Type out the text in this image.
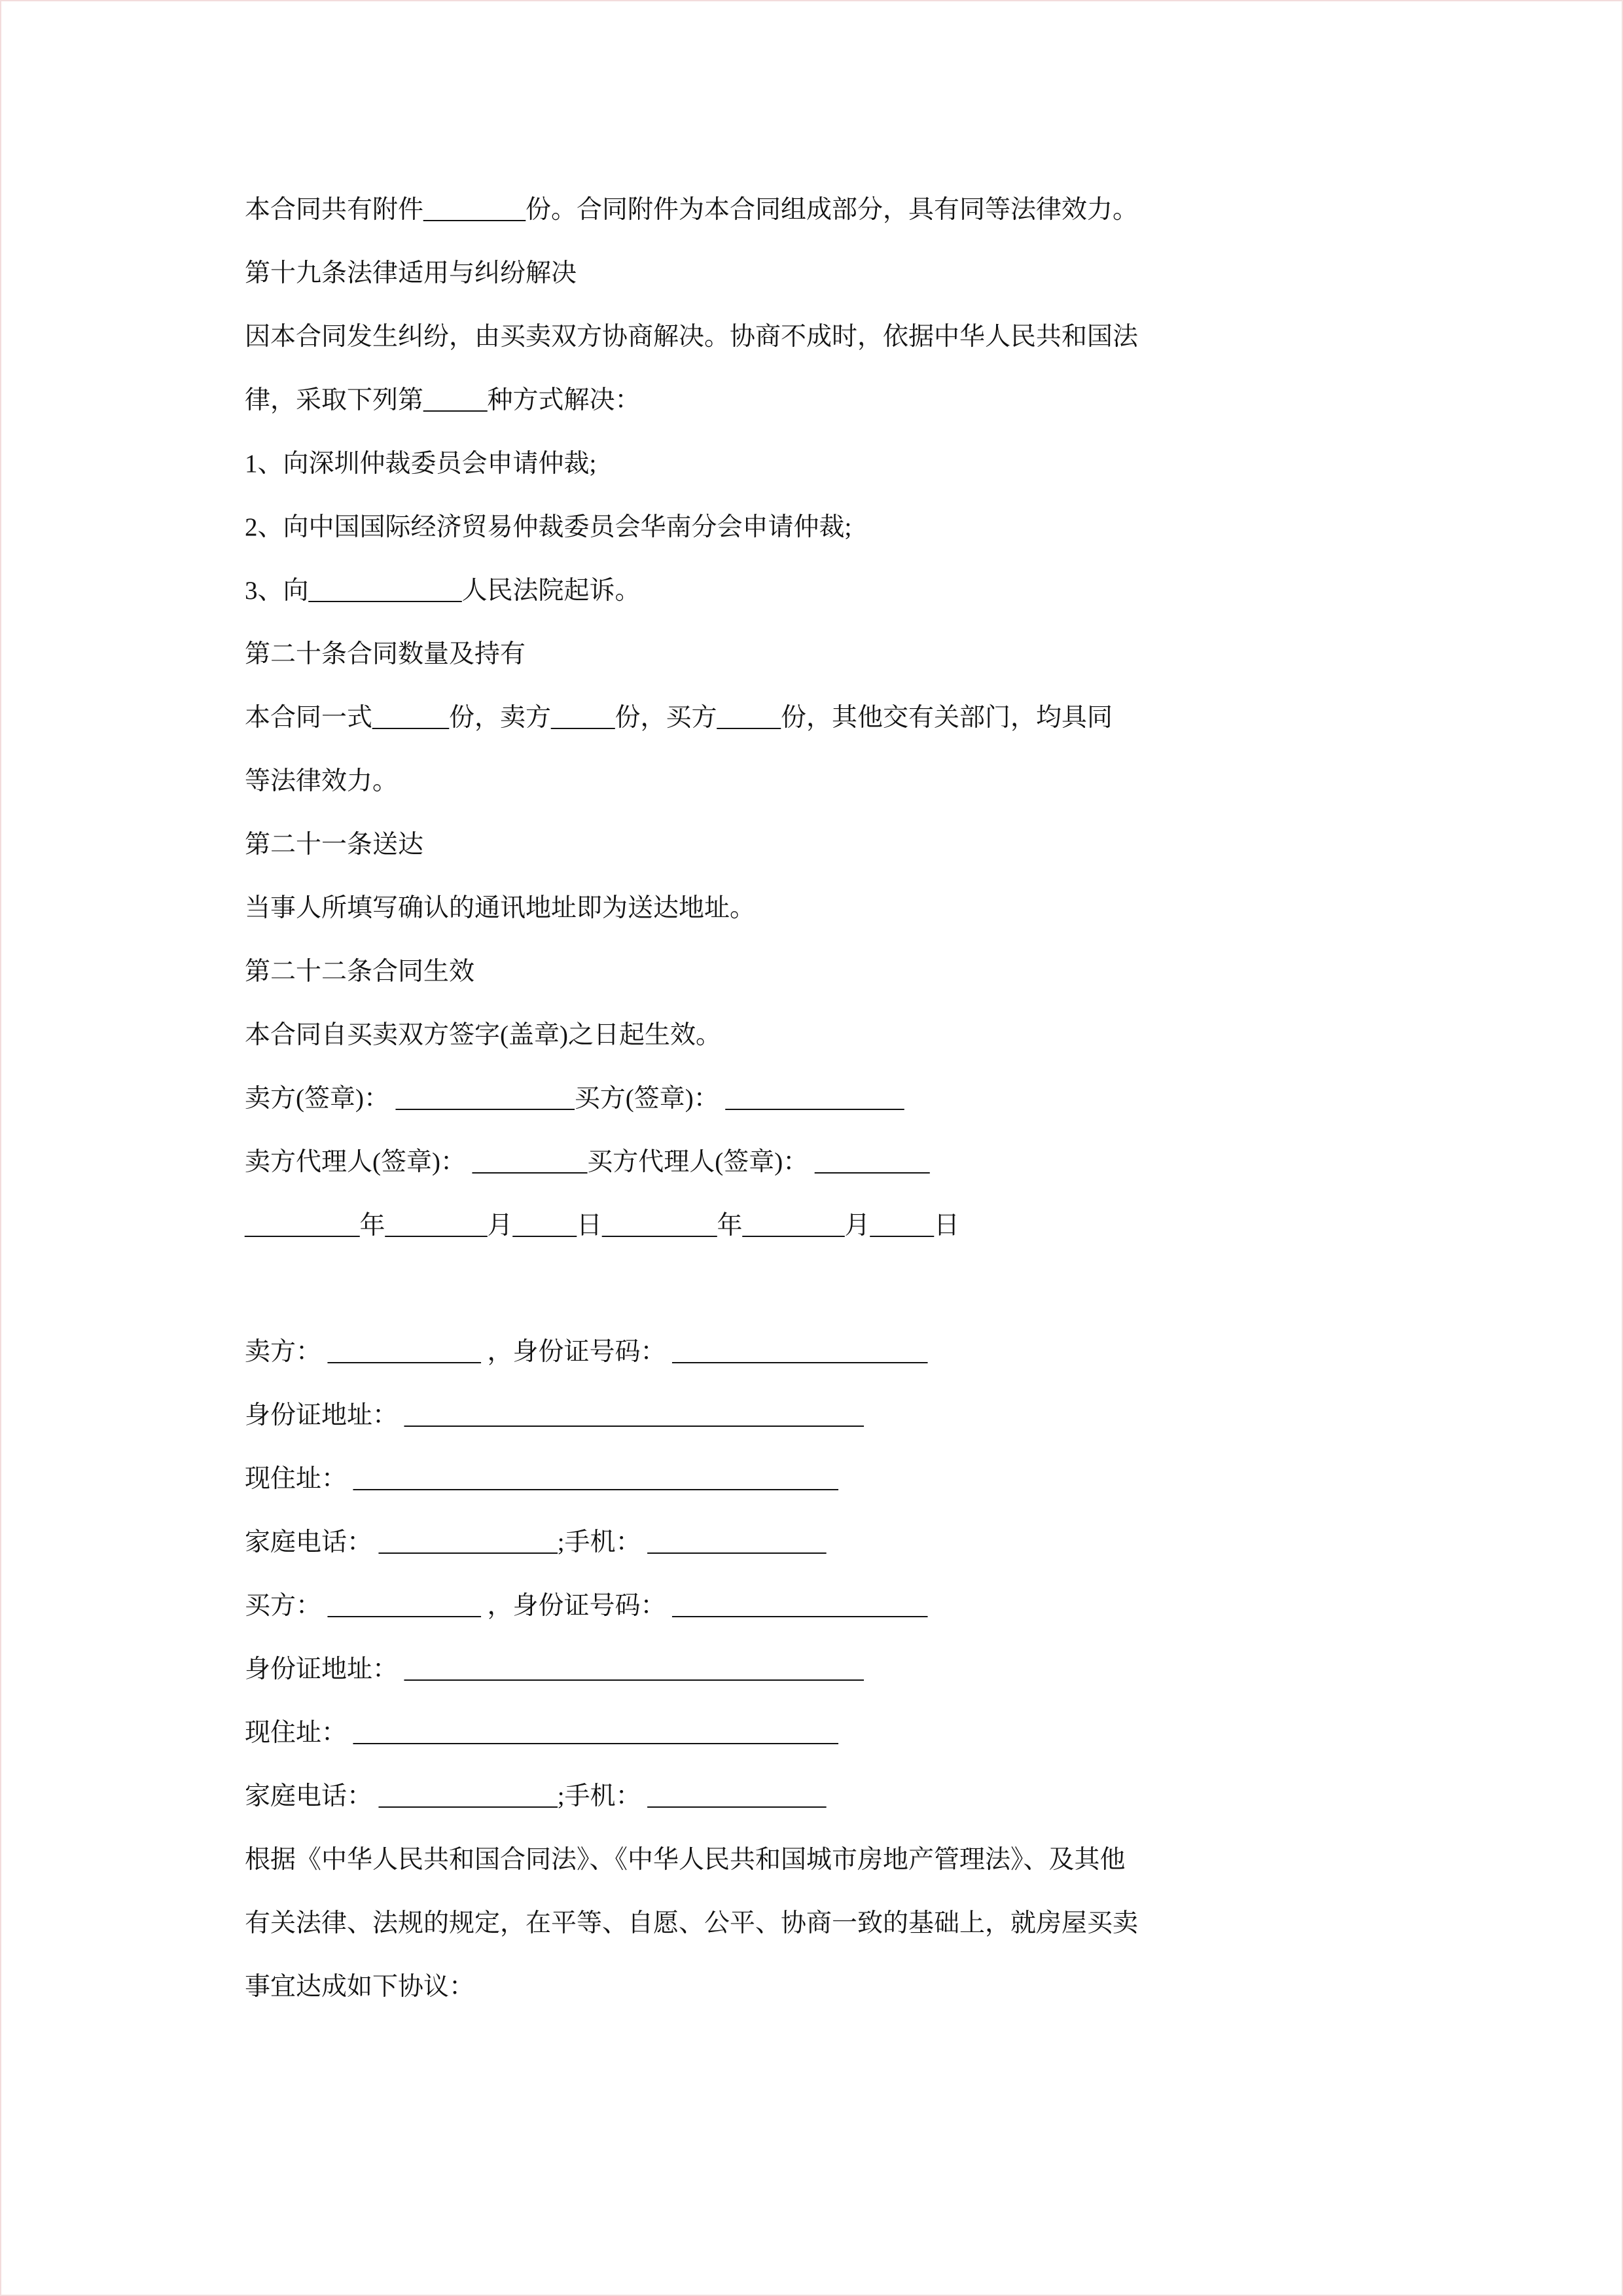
本合同共有附件________份。合同附件为本合同组成部分，具有同等法律效力。

第十九条法律适用与纠纷解决

因本合同发生纠纷，由买卖双方协商解决。协商不成时，依据中华人民共和国法

律，采取下列第_____种方式解决：

1、向深圳仲裁委员会申请仲裁;

2、向中国国际经济贸易仲裁委员会华南分会申请仲裁;

3、向____________人民法院起诉。

第二十条合同数量及持有

本合同一式______份，卖方_____份，买方_____份，其他交有关部门，均具同

等法律效力。

第二十一条送达

当事人所填写确认的通讯地址即为送达地址。

第二十二条合同生效

本合同自买卖双方签字(盖章)之日起生效。

卖方(签章)： ______________买方(签章)： ______________

卖方代理人(签章)： _________买方代理人(签章)： _________

_________年________月_____日_________年________月_____日

卖方： ____________ ，身份证号码： ____________________

身份证地址： ____________________________________

现住址： ______________________________________

家庭电话： ______________;手机： ______________

买方： ____________ ，身份证号码： ____________________

身份证地址： ____________________________________

现住址： ______________________________________

家庭电话： ______________;手机： ______________

根据《中华人民共和国合同法》、《中华人民共和国城市房地产管理法》、及其他

有关法律、法规的规定，在平等、自愿、公平、协商一致的基础上，就房屋买卖

事宜达成如下协议：
